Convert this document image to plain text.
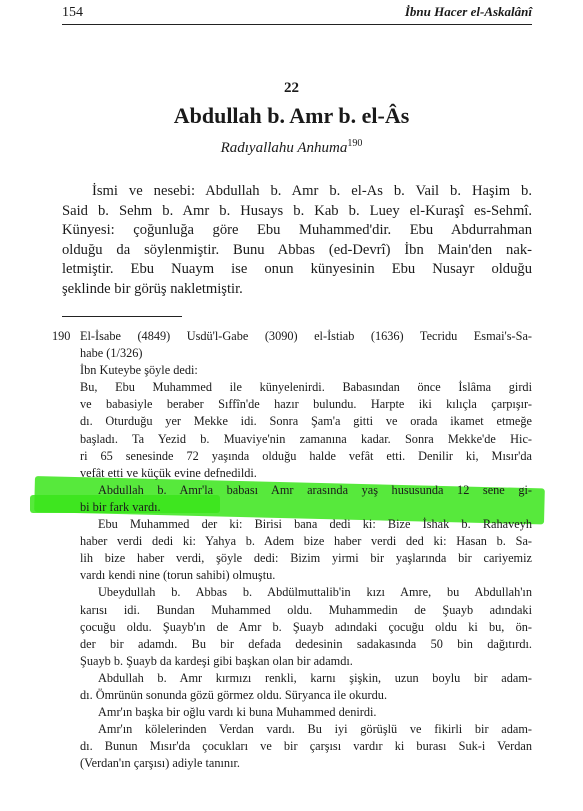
154	İbnu Hacer el-Askalânî
22
Abdullah b. Amr b. el-Âs
Radıyallahu Anhuma$^{190}$
İsmi ve nesebi: Abdullah b. Amr b. el-As b. Vail b. Haşim b.
Said b. Sehm b. Amr b. Husays b. Kab b. Luey el-Kuraşî es-Sehmî.
Künyesi: çoğunluğa göre Ebu Muhammed'dir. Ebu Abdurrahman
olduğu da söylenmiştir. Bunu Abbas (ed-Devrî) İbn Main'den nak-
letmiştir. Ebu Nuaym ise onun künyesinin Ebu Nusayr olduğu
şeklinde bir görüş nakletmiştir.
190 El-İsabe (4849) Usdü'l-Gabe (3090) el-İstiab (1636) Tecridu Esmai's-Sa-
habe (1/326)
İbn Kuteybe şöyle dedi:
Bu, Ebu Muhammed ile künyelenirdi. Babasından önce İslâma girdi
ve babasiyle beraber Sıffîn'de hazır bulundu. Harpte iki kılıçla çarpışır-
dı. Oturduğu yer Mekke idi. Sonra Şam'a gitti ve orada ikamet etmeğe
başladı. Ta Yezid b. Muaviye'nin zamanına kadar. Sonra Mekke'de Hic-
ri 65 senesinde 72 yaşında olduğu halde vefât etti. Denilir ki, Mısır'da
vefât etti ve küçük evine defnedildi.
Abdullah b. Amr'la babası Amr arasında yaş hususunda 12 sene gi-
bi bir fark vardı.
Ebu Muhammed der ki: Birisi bana dedi ki: Bize İshak b. Rahaveyh
haber verdi dedi ki: Yahya b. Adem bize haber verdi ded ki: Hasan b. Sa-
lih bize haber verdi, şöyle dedi: Bizim yirmi bir yaşlarında bir cariyemiz
vardı kendi nine (torun sahibi) olmuştu.
Ubeydullah b. Abbas b. Abdülmuttalib'in kızı Amre, bu Abdullah'ın
karısı idi. Bundan Muhammed oldu. Muhammedin de Şuayb adındaki
çocuğu oldu. Şuayb'ın de Amr b. Şuayb adındaki çocuğu oldu ki bu, ön-
der bir adamdı. Bu bir defada dedesinin sadakasında 50 bin dağıtırdı.
Şuayb b. Şuayb da kardeşi gibi başkan olan bir adamdı.
Abdullah b. Amr kırmızı renkli, karnı şişkin, uzun boylu bir adam-
dı. Ömrünün sonunda gözü görmez oldu. Süryanca ile okurdu.
Amr'ın başka bir oğlu vardı ki buna Muhammed denirdi.
Amr'ın kölelerinden Verdan vardı. Bu iyi görüşlü ve fikirli bir adam-
dı. Bunun Mısır'da çocukları ve bir çarşısı vardır ki burası Suk-i Verdan
(Verdan'ın çarşısı) adiyle tanınır.
